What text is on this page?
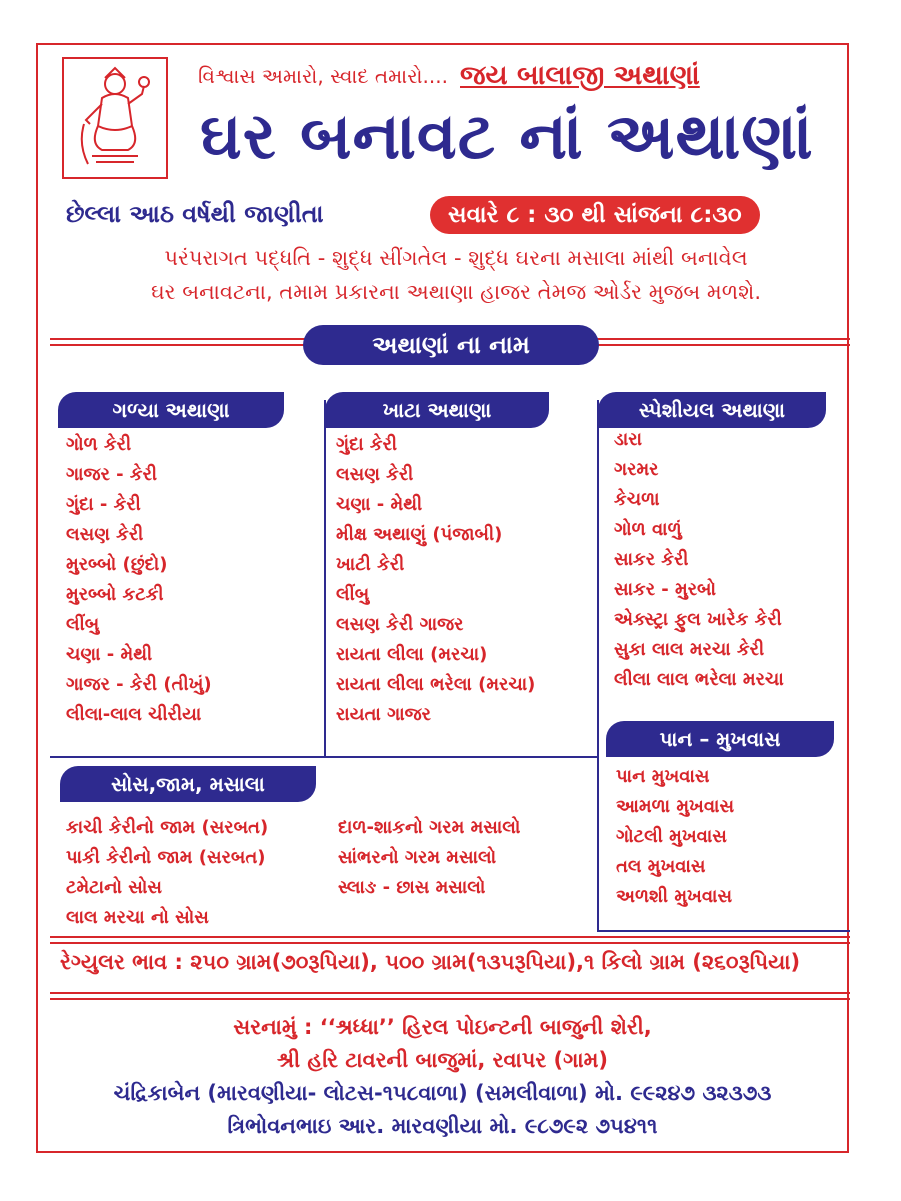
વિશ્વાસ અમારો, સ્વાદ તમારો.... જય બાલાજી અથાણાં
ઘર બનાવટ નાં અથાણાં
છેલ્લા આઠ વર્ષથી જાણીતા	સવારે ૮ : ૩૦ થી સાંજના ૮:૩૦
પરંપરાગત પદ્ધતિ - શુદ્ધ સીંગતેલ - શુદ્ધ ઘરના મસાલા માંથી બનાવેલ
ઘર બનાવટના, તમામ પ્રકારના અથાણા હાજર તેમજ ઓર્ડર મુજબ મળશે.
અથાણાં ના નામ
ગળ્યા અથાણા
ગોળ કેરી
ગાજર - કેરી
ગુંદા - કેરી
લસણ કેરી
મુરબ્બો (છુંદો)
મુરબ્બો કટકી
લીંબુ
ચણા - મેથી
ગાજર - કેરી (તીખું)
લીલા-લાલ ચીરીયા
ખાટા અથાણા
ગુંદા કેરી
લસણ કેરી
ચણા - મેથી
મીક્ષ અથાણું (પંજાબી)
ખાટી કેરી
લીંબુ
લસણ કેરી ગાજર
રાયતા લીલા (મરચા)
રાયતા લીલા ભરેલા (મરચા)
રાયતા ગાજર
સ્પેશીયલ અથાણા
ડારા
ગરમર
કેચળા
ગોળ વાળું
સાકર કેરી
સાકર - મુરબો
એક્સ્ટ્રા ફુલ ખારેક કેરી
સુકા લાલ મરચા કેરી
લીલા લાલ ભરેલા મરચા
પાન – મુખવાસ
પાન મુખવાસ
આમળા મુખવાસ
ગોટલી મુખવાસ
તલ મુખવાસ
અળશી મુખવાસ
સોસ,જામ, મસાલા
કાચી કેરીનો જામ (સરબત)
પાકી કેરીનો જામ (સરબત)
ટમેટાનો સોસ
લાલ મરચા નો સોસ
દાળ-શાકનો ગરમ મસાલો
સાંભરનો ગરમ મસાલો
સ્લાઙ - છાસ મસાલો
રેગ્યુલર ભાવ : ૨૫૦ ગ્રામ(૭૦રૂપિયા), ૫૦૦ ગ્રામ(૧૩૫રૂપિયા),૧ કિલો ગ્રામ (૨૬૦રૂપિયા)
સરનામું : ‘‘શ્રધ્ધા’’ હિરલ પોઇન્ટની બાજુની શેરી,
શ્રી હરિ ટાવરની બાજુમાં, રવાપર (ગામ)
ચંદ્રિકાબેન (મારવણીયા- લોટસ-૧૫૮વાળા) (સમલીવાળા) મો. ૯૯૨૪૭ ૩૨૩૭૩
ત્રિભોવનભાઇ આર. મારવણીયા મો. ૯૮૭૯૨ ૭૫૪૧૧
